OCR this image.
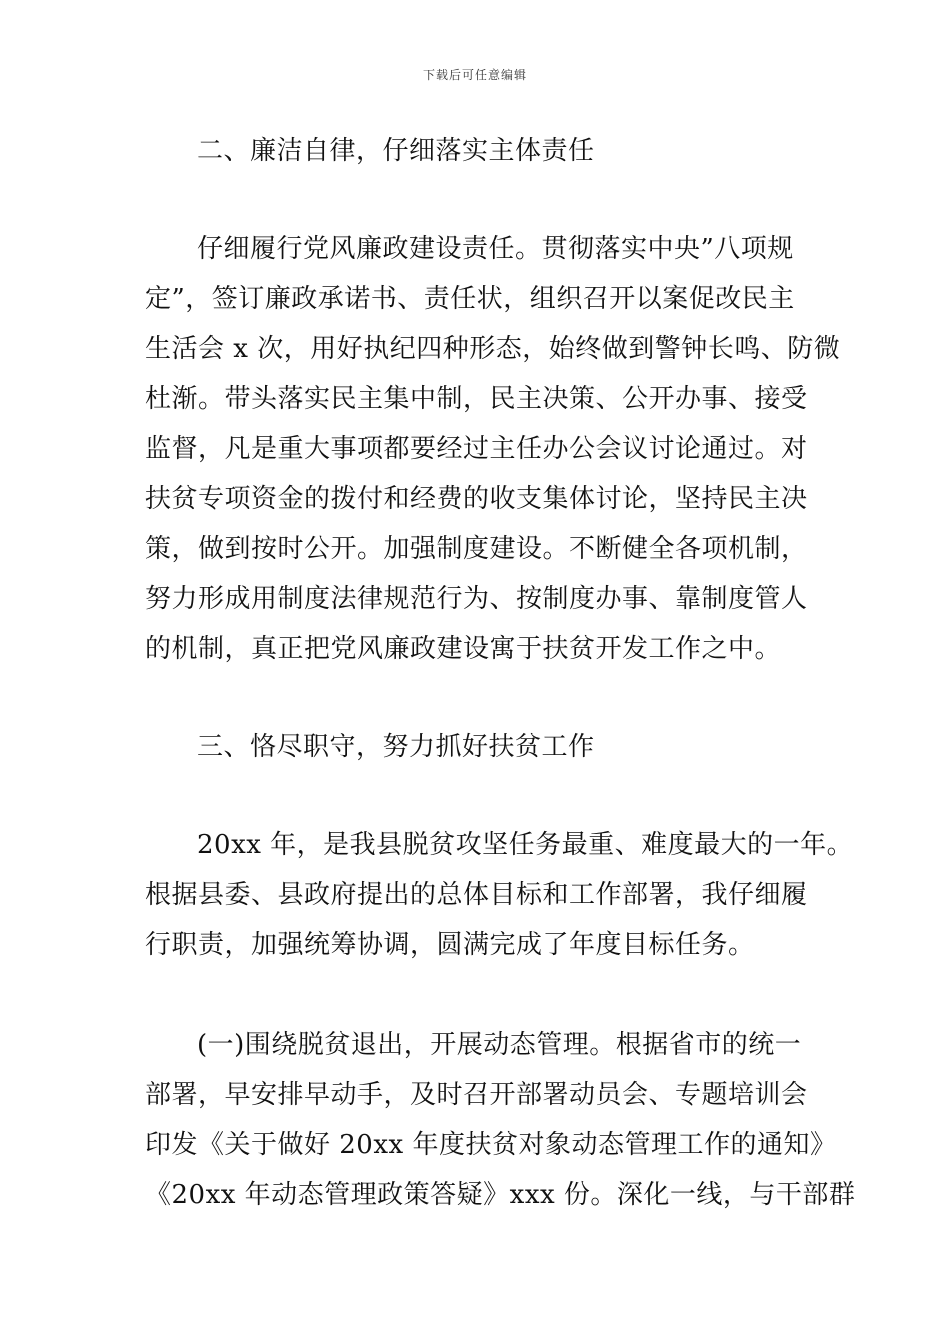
下载后可任意编辑
二、廉洁自律，仔细落实主体责任
仔细履行党风廉政建设责任。贯彻落实中央”八项规
定”，签订廉政承诺书、责任状，组织召开以案促改民主
生活会 x 次，用好执纪四种形态，始终做到警钟长鸣、防微
杜渐。带头落实民主集中制，民主决策、公开办事、接受
监督，凡是重大事项都要经过主任办公会议讨论通过。对
扶贫专项资金的拨付和经费的收支集体讨论，坚持民主决
策，做到按时公开。加强制度建设。不断健全各项机制，
努力形成用制度法律规范行为、按制度办事、靠制度管人
的机制，真正把党风廉政建设寓于扶贫开发工作之中。
三、恪尽职守，努力抓好扶贫工作
20xx 年，是我县脱贫攻坚任务最重、难度最大的一年。
根据县委、县政府提出的总体目标和工作部署，我仔细履
行职责，加强统筹协调，圆满完成了年度目标任务。
(一)围绕脱贫退出，开展动态管理。根据省市的统一
部署，早安排早动手，及时召开部署动员会、专题培训会
印发《关于做好 20xx 年度扶贫对象动态管理工作的通知》
《20xx 年动态管理政策答疑》xxx 份。深化一线，与干部群
